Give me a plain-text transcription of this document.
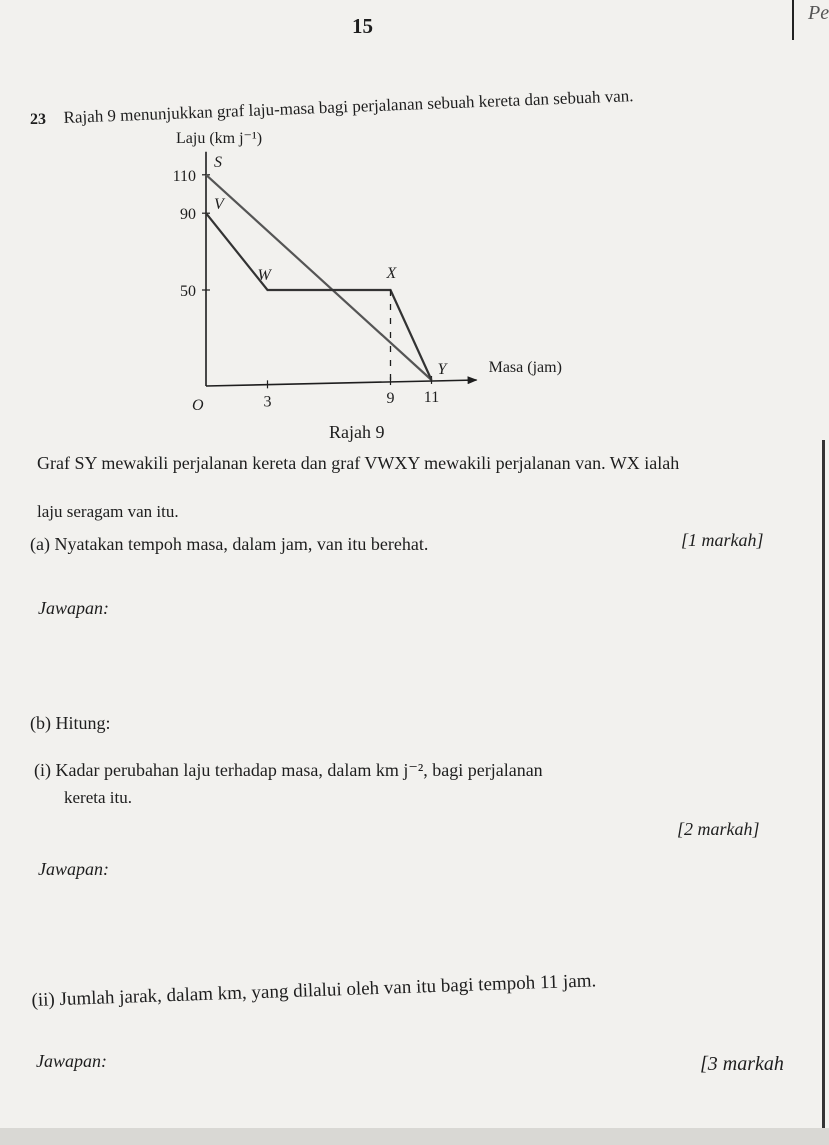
15
Pe
23 Rajah 9 menunjukkan graf laju-masa bagi perjalanan sebuah kereta dan sebuah van.
Laju (km j⁻¹)
Masa (jam)
O
110
90
50
3	9 11
S
Y
V
W	X
Rajah 9
Graf SY mewakili perjalanan kereta dan graf VWXY mewakili perjalanan van. WX ialah
laju seragam van itu.
(a) Nyatakan tempoh masa, dalam jam, van itu berehat.	[1 markah]
Jawapan:
(b) Hitung:
(i) Kadar perubahan laju terhadap masa, dalam km j⁻², bagi perjalanan
kereta itu.
[2 markah]
Jawapan:
(ii) Jumlah jarak, dalam km, yang dilalui oleh van itu bagi tempoh 11 jam.
Jawapan:	[3 markah
